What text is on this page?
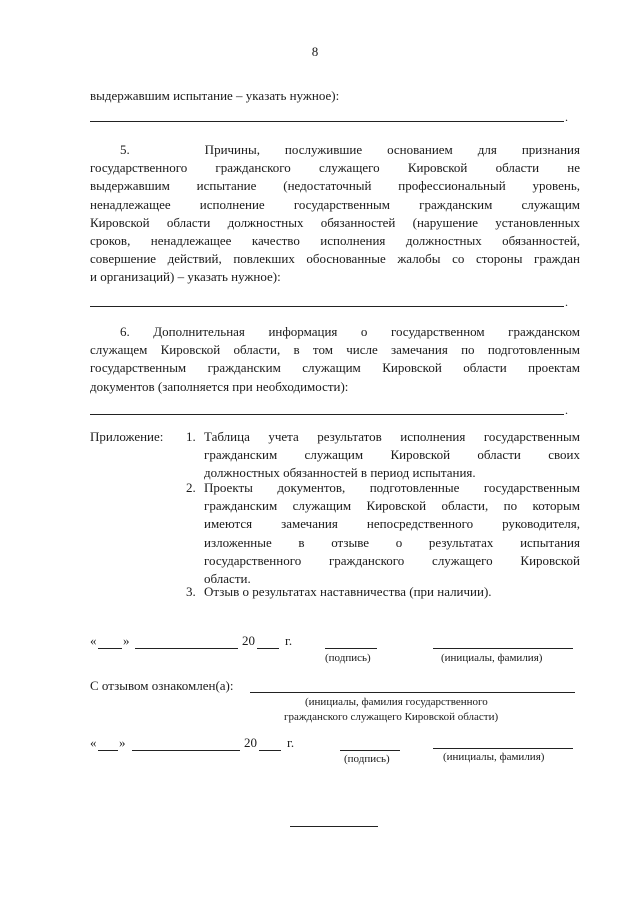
8
выдержавшим испытание – указать нужное):
.
5.   Причины, послужившие основанием для признания
государственного гражданского служащего Кировской области не
выдержавшим испытание (недостаточный профессиональный уровень,
ненадлежащее исполнение государственным гражданским служащим
Кировской области должностных обязанностей (нарушение установленных
сроков, ненадлежащее качество исполнения должностных обязанностей,
совершение действий, повлекших обоснованные жалобы со стороны граждан
и организаций) – указать нужное):
.
6. Дополнительная информация о государственном гражданском
служащем Кировской области, в том числе замечания по подготовленным
государственным гражданским служащим Кировской области проектам
документов (заполняется при необходимости):
.
Приложение: 1. Таблица учета результатов исполнения государственным
гражданским служащим Кировской области своих
должностных обязанностей в период испытания.
2. Проекты документов, подготовленные государственным
гражданским служащим Кировской области, по которым
имеются замечания непосредственного руководителя,
изложенные в отзыве о результатах испытания
государственного гражданского служащего Кировской
области.
3. Отзыв о результатах наставничества (при наличии).
« »	20 г.
(подпись)	(инициалы, фамилия)
С отзывом ознакомлен(а):
(инициалы, фамилия государственного
гражданского служащего Кировской области)
« »	20 г.
(подпись)	(инициалы, фамилия)
